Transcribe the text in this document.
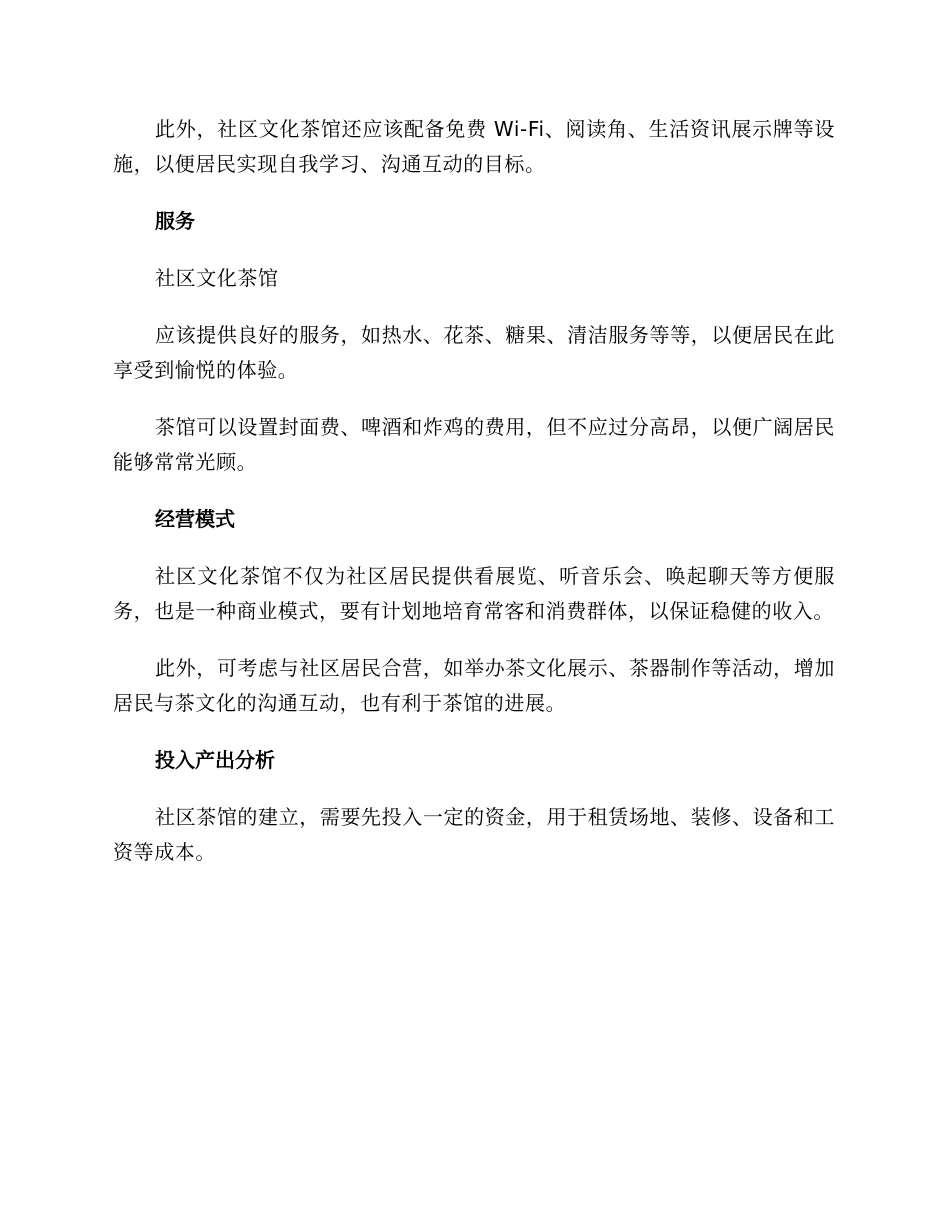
此外，社区文化茶馆还应该配备免费 Wi-Fi、阅读角、生活资讯展示牌等设施，以便居民实现自我学习、沟通互动的目标。

服务

社区文化茶馆

应该提供良好的服务，如热水、花茶、糖果、清洁服务等等，以便居民在此享受到愉悦的体验。

茶馆可以设置封面费、啤酒和炸鸡的费用，但不应过分高昂，以便广阔居民能够常常光顾。

经营模式

社区文化茶馆不仅为社区居民提供看展览、听音乐会、唤起聊天等方便服务，也是一种商业模式，要有计划地培育常客和消费群体，以保证稳健的收入。

此外，可考虑与社区居民合营，如举办茶文化展示、茶器制作等活动，增加居民与茶文化的沟通互动，也有利于茶馆的进展。

投入产出分析

社区茶馆的建立，需要先投入一定的资金，用于租赁场地、装修、设备和工资等成本。
